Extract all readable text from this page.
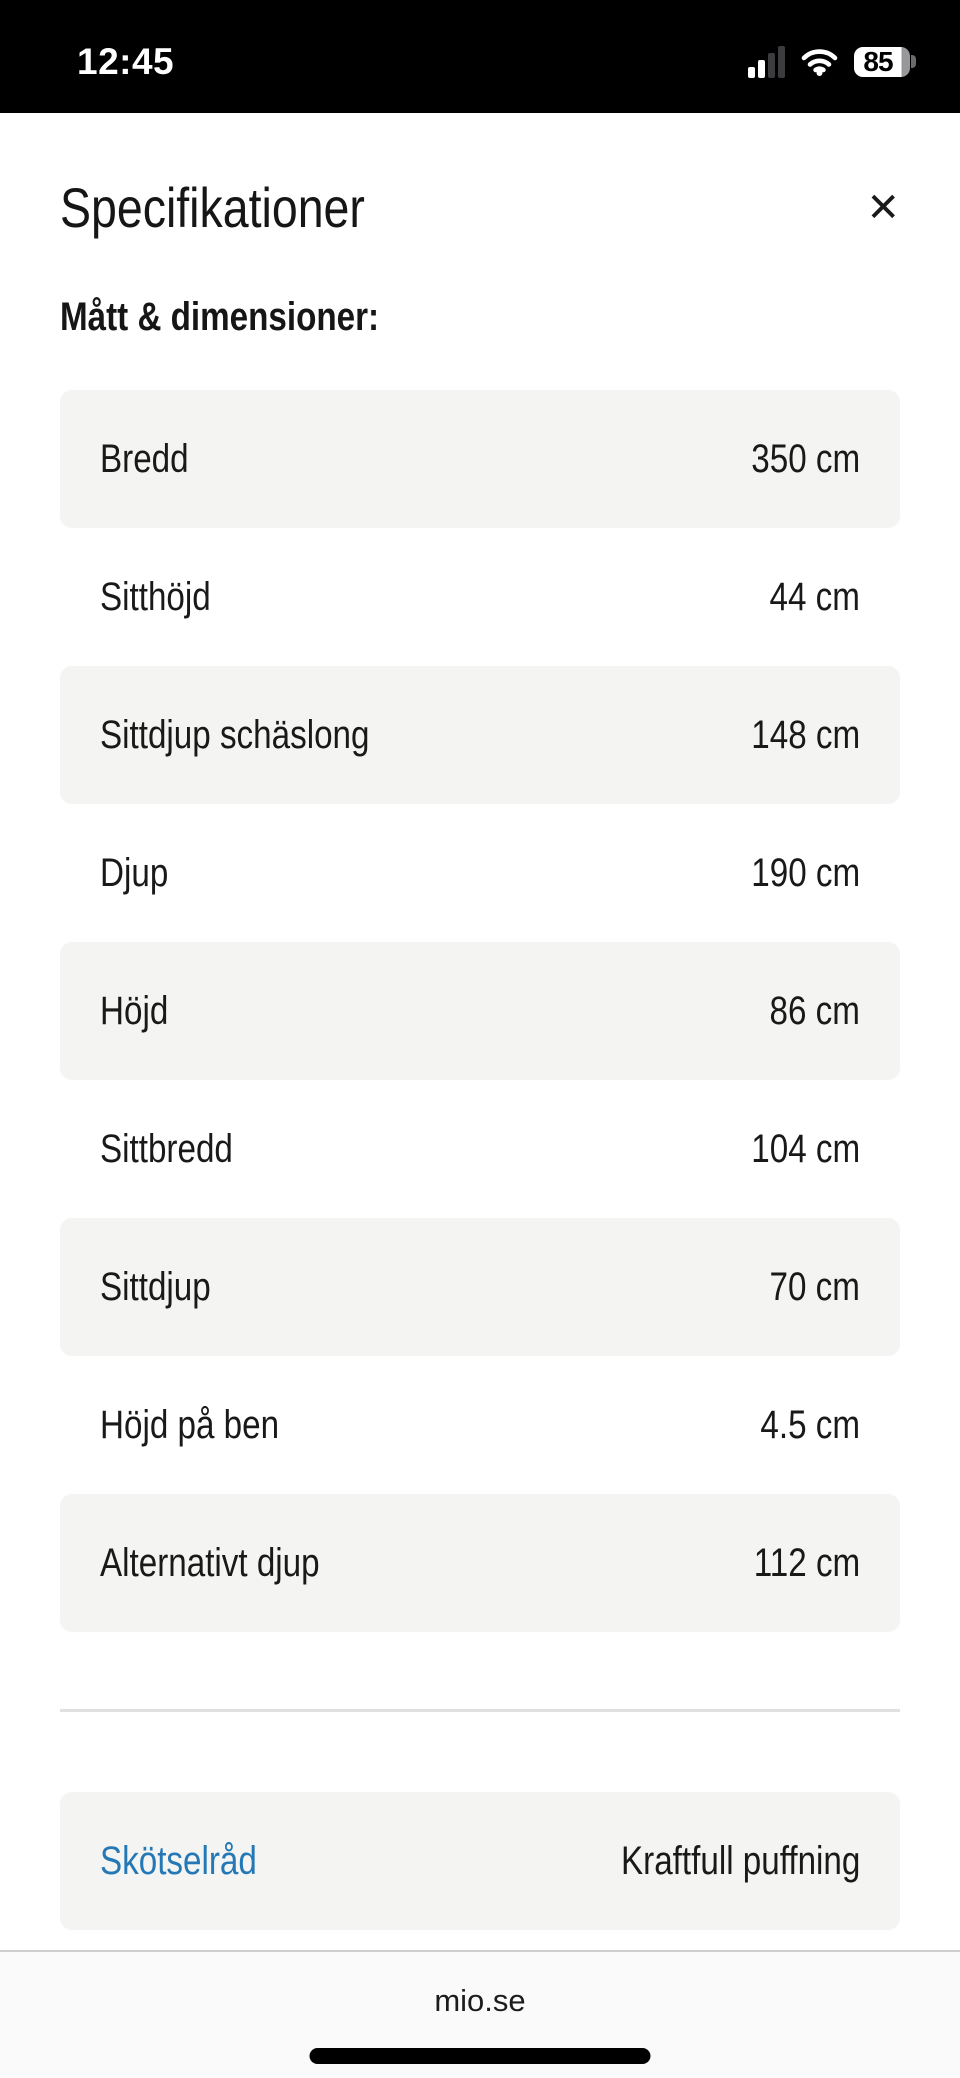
12:45	85
Specifikationer	✕
Mått & dimensioner:
Bredd	350 cm
Sitthöjd	44 cm
Sittdjup schäslong	148 cm
Djup	190 cm
Höjd	86 cm
Sittbredd	104 cm
Sittdjup	70 cm
Höjd på ben	4.5 cm
Alternativt djup	112 cm
Skötselråd	Kraftfull puffning
mio.se
